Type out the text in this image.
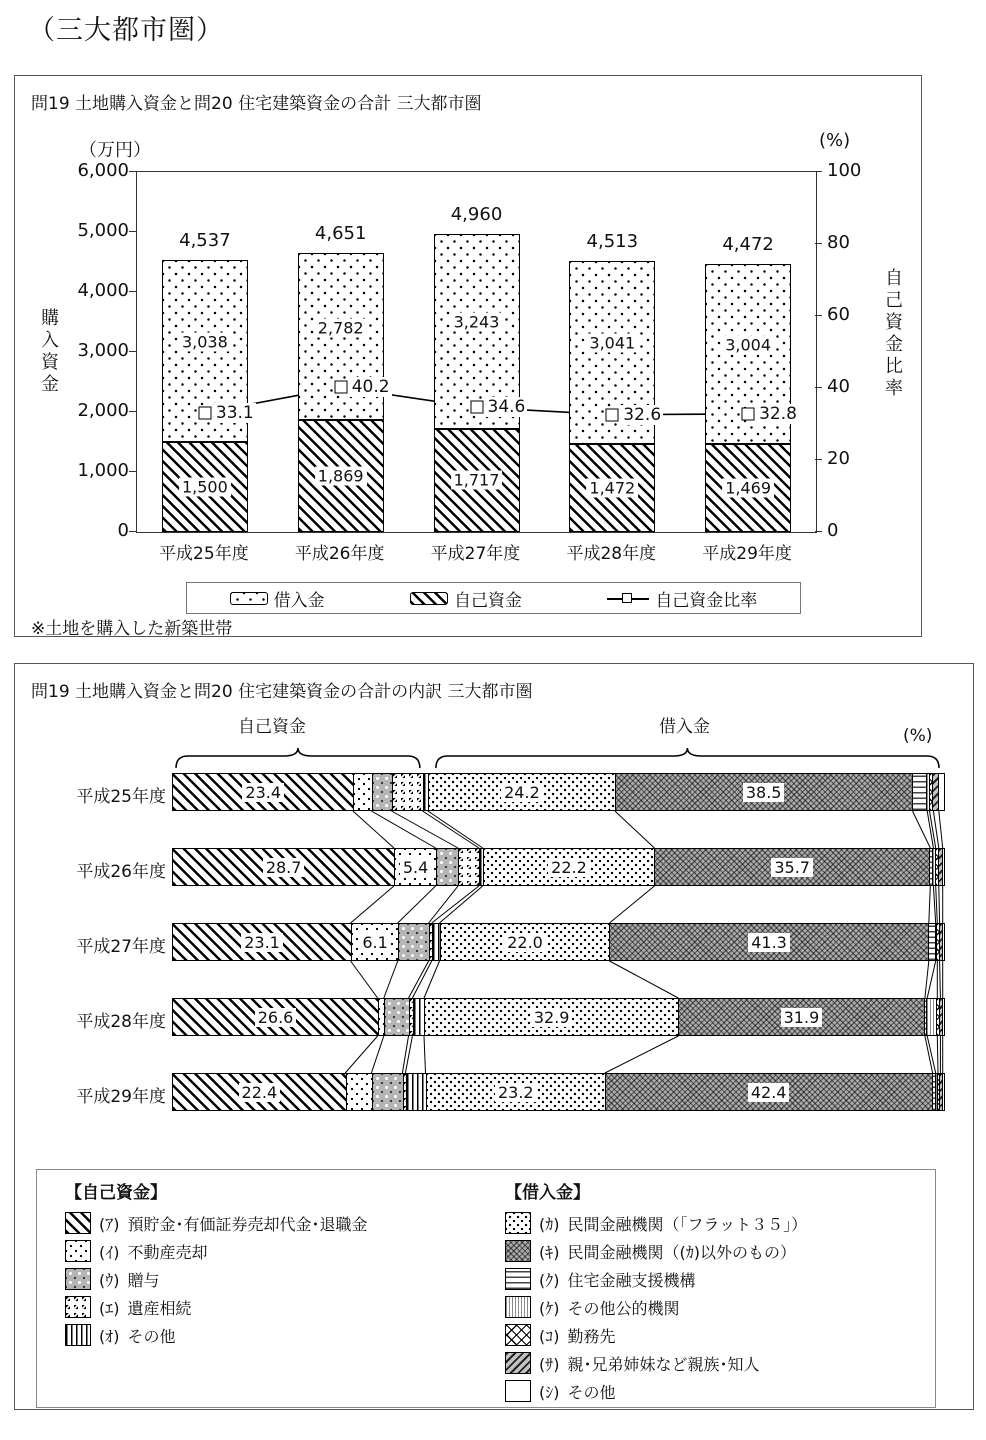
（三大都市圏）
問19 土地購入資金と問20 住宅建築資金の合計 三大都市圏
（万円）	(%)
購入資金	自己資金比率
4,537
1,500
3,038
4,651
1,869
2,782
4,960
1,717
3,243
4,513
1,472
3,041
4,472
1,469
3,004
33.1
40.2
34.6	32.6	32.8
6,000
5,000
4,000
3,000
2,000
1,000
0
100
80
60
40
20
0
平成25年度	平成26年度	平成27年度	平成28年度	平成29年度
借入金	自己資金	自己資金比率
※土地を購入した新築世帯
問19 土地購入資金と問20 住宅建築資金の合計の内訳 三大都市圏
自己資金	借入金	(%)
23.4	24.2	38.5
28.7	5.4	22.2	35.7
23.1	6.1	22.0	41.3
26.6	32.9	31.9
22.4	23.2	42.4
平成25年度
平成26年度
平成27年度
平成28年度
平成29年度
【自己資金】
(ｱ) 預貯金･有価証券売却代金･退職金
(ｲ) 不動産売却
(ｳ) 贈与
(ｴ) 遺産相続
(ｵ) その他
【借入金】
(ｶ) 民間金融機関（「フラット３５」）
(ｷ) 民間金融機関（(ｶ)以外のもの）
(ｸ) 住宅金融支援機構
(ｹ) その他公的機関
(ｺ) 勤務先
(ｻ) 親･兄弟姉妹など親族･知人
(ｼ) その他
